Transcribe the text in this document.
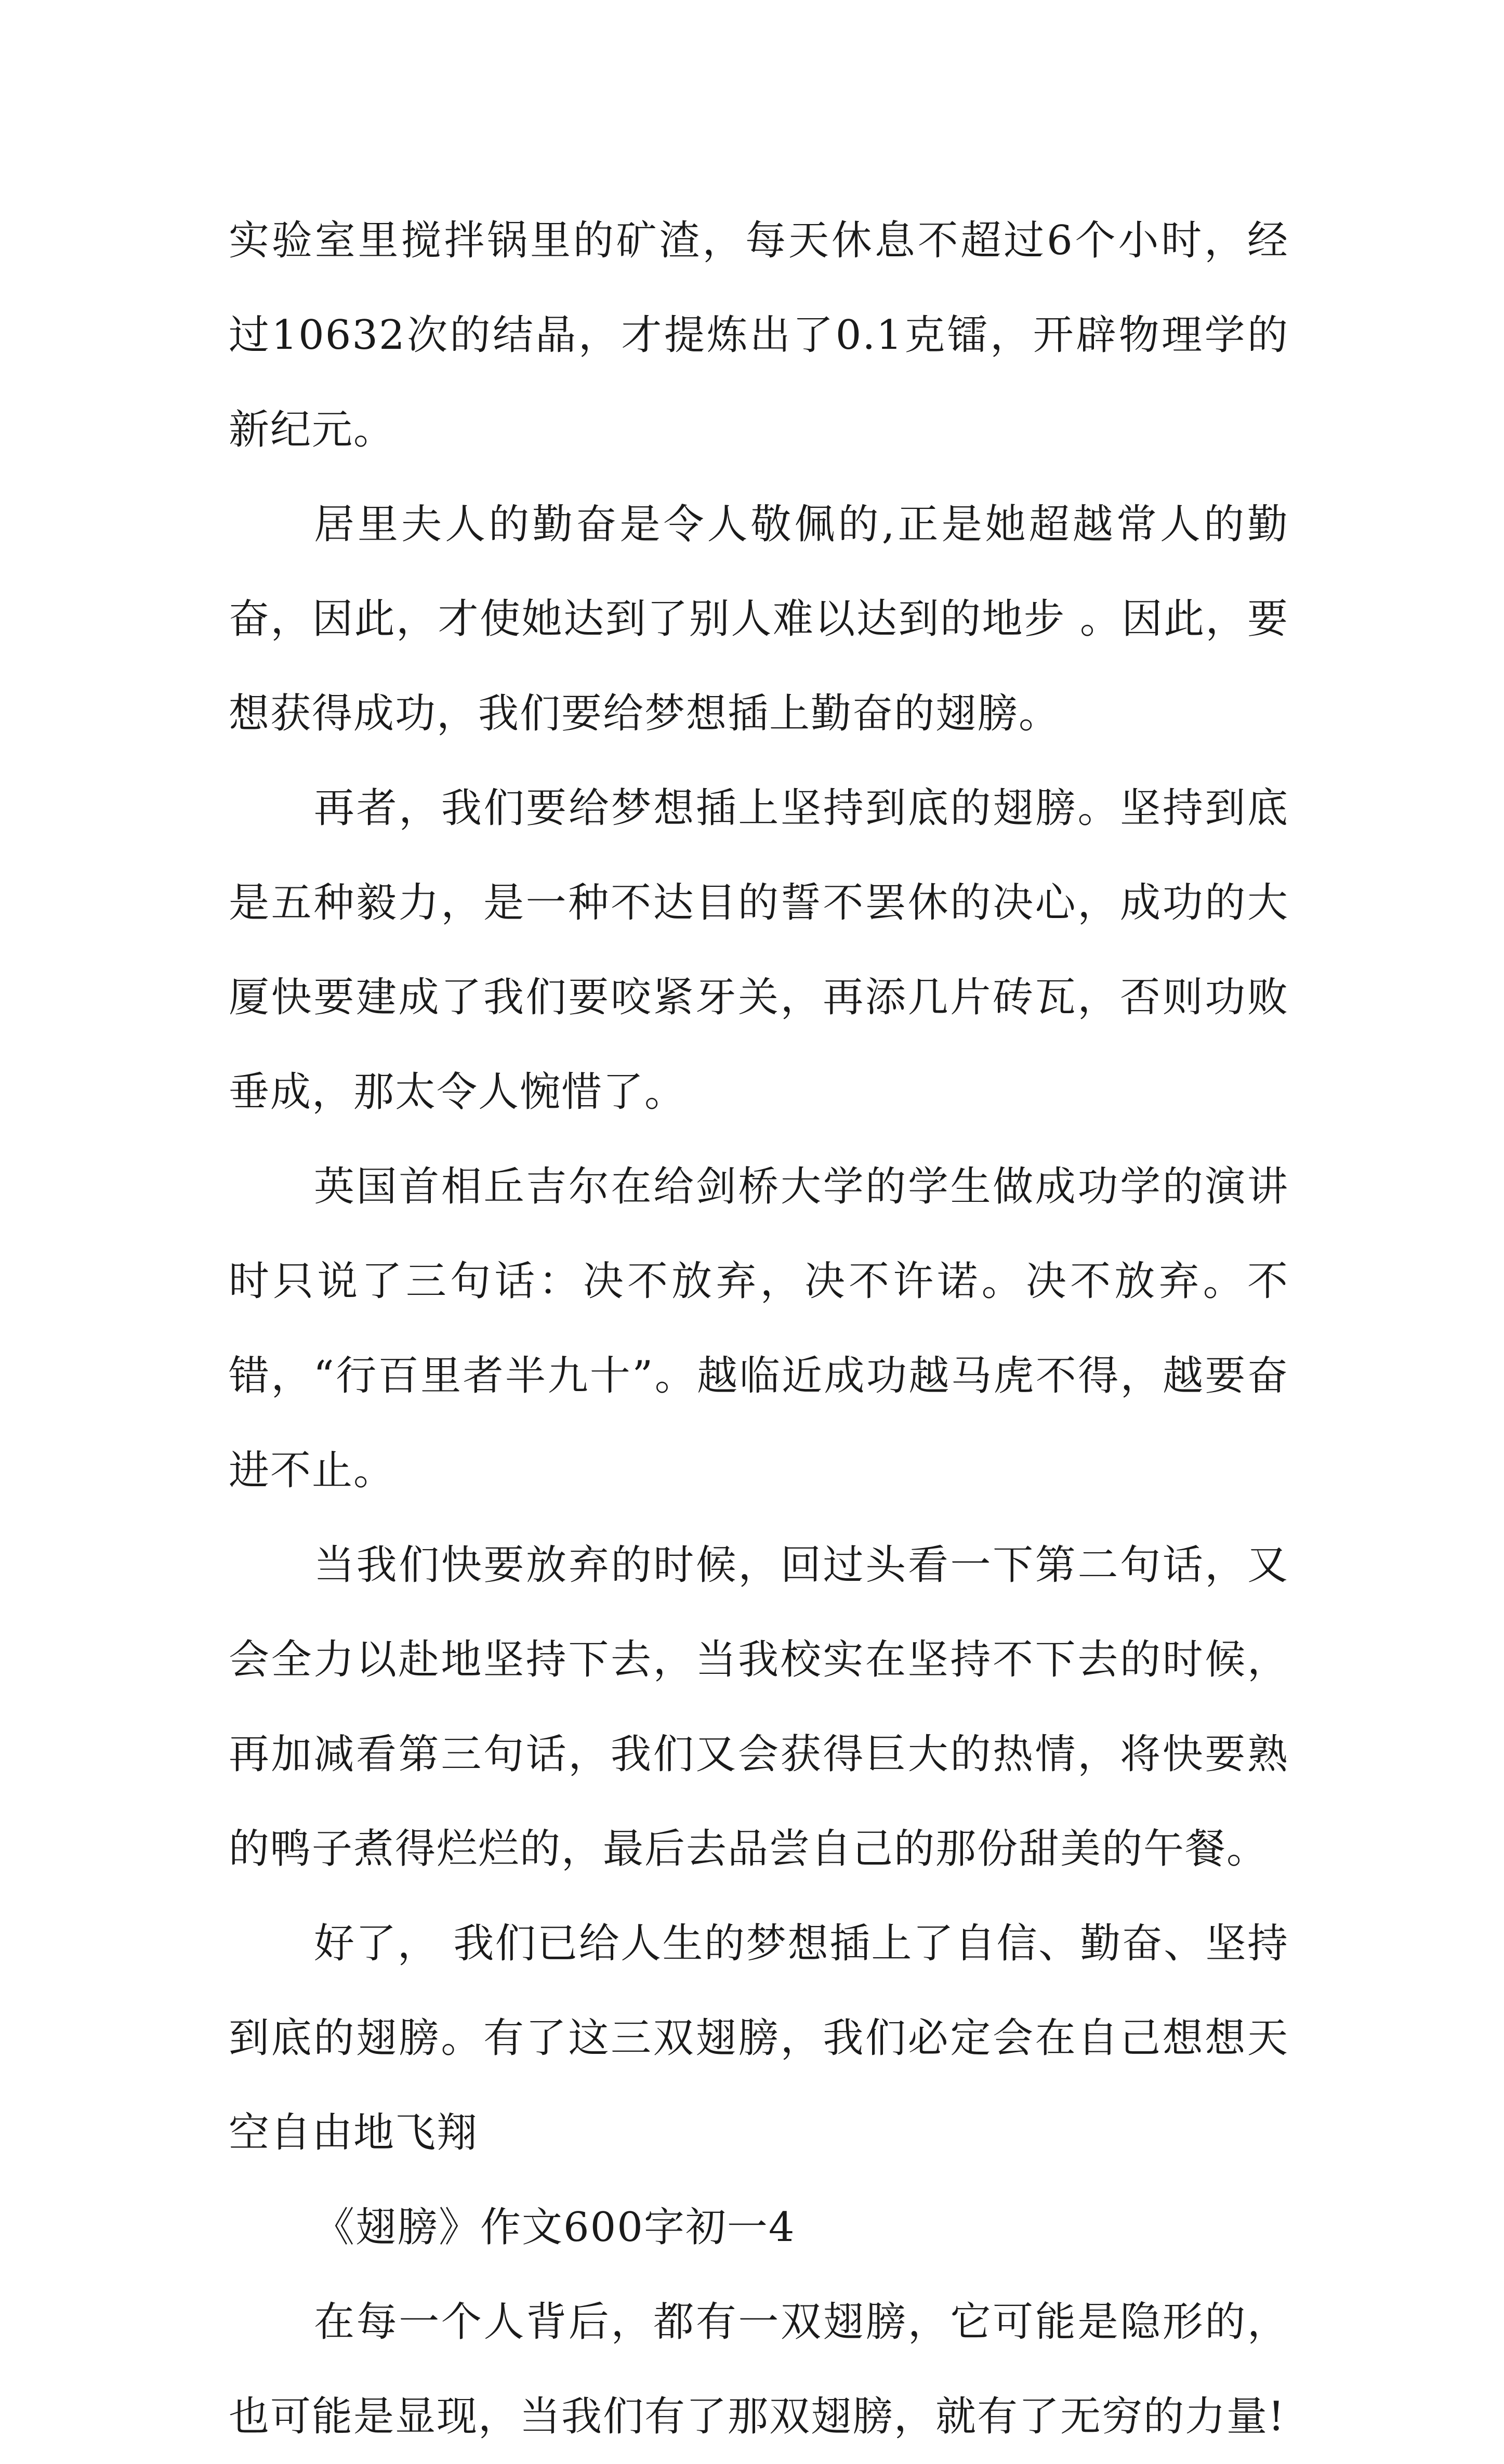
实验室里搅拌锅里的矿渣，每天休息不超过6个小时，经过10632次的结晶，才提炼出了0.1克镭，开辟物理学的新纪元。

居里夫人的勤奋是令人敬佩的,正是她超越常人的勤奋，因此，才使她达到了别人难以达到的地步 。因此，要想获得成功，我们要给梦想插上勤奋的翅膀。

再者，我们要给梦想插上坚持到底的翅膀。坚持到底是五种毅力，是一种不达目的誓不罢休的决心，成功的大厦快要建成了我们要咬紧牙关，再添几片砖瓦，否则功败垂成，那太令人惋惜了。

英国首相丘吉尔在给剑桥大学的学生做成功学的演讲时只说了三句话：决不放弃，决不许诺。决不放弃。不错，“行百里者半九十”。越临近成功越马虎不得，越要奋进不止。

当我们快要放弃的时候，回过头看一下第二句话，又会全力以赴地坚持下去，当我校实在坚持不下去的时候，再加减看第三句话，我们又会获得巨大的热情，将快要熟的鸭子煮得烂烂的，最后去品尝自己的那份甜美的午餐。

好了， 我们已给人生的梦想插上了自信、勤奋、坚持到底的翅膀。有了这三双翅膀，我们必定会在自己想想天空自由地飞翔

《翅膀》作文600字初一4

在每一个人背后，都有一双翅膀，它可能是隐形的，也可能是显现，当我们有了那双翅膀，就有了无穷的力量!
